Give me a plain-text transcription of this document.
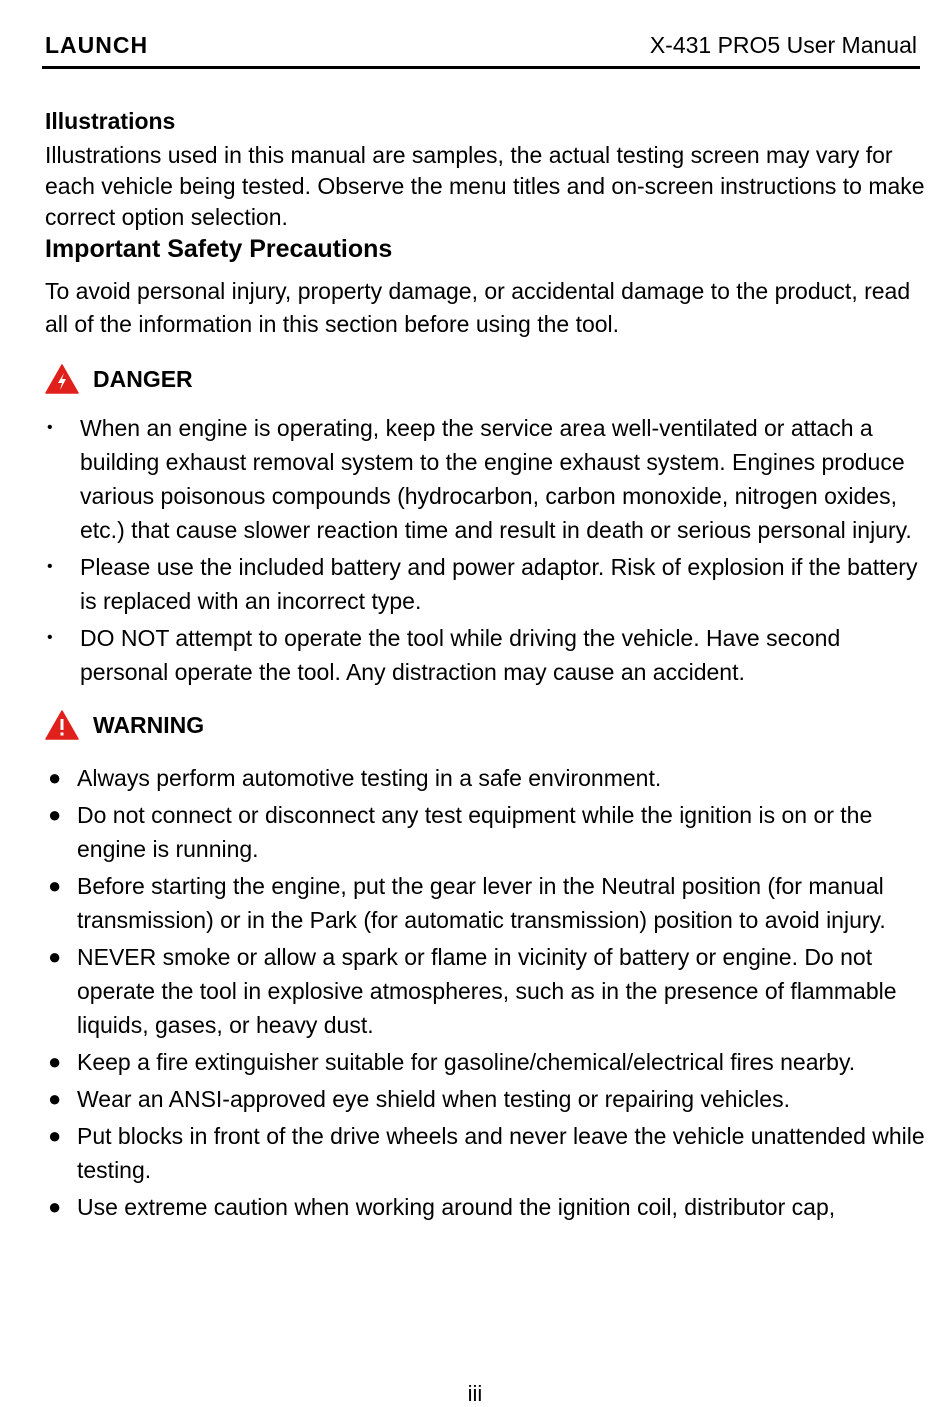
LAUNCH	X-431 PRO5 User Manual
Illustrations

Illustrations used in this manual are samples, the actual testing screen may vary for each vehicle being tested. Observe the menu titles and on-screen instructions to make correct option selection.

Important Safety Precautions

To avoid personal injury, property damage, or accidental damage to the product, read all of the information in this section before using the tool.

DANGER
• When an engine is operating, keep the service area well-ventilated or attach a building exhaust removal system to the engine exhaust system. Engines produce various poisonous compounds (hydrocarbon, carbon monoxide, nitrogen oxides, etc.) that cause slower reaction time and result in death or serious personal injury.
• Please use the included battery and power adaptor. Risk of explosion if the battery is replaced with an incorrect type.
• DO NOT attempt to operate the tool while driving the vehicle. Have second personal operate the tool. Any distraction may cause an accident.
WARNING
● Always perform automotive testing in a safe environment.
● Do not connect or disconnect any test equipment while the ignition is on or the engine is running.
● Before starting the engine, put the gear lever in the Neutral position (for manual transmission) or in the Park (for automatic transmission) position to avoid injury.
● NEVER smoke or allow a spark or flame in vicinity of battery or engine. Do not operate the tool in explosive atmospheres, such as in the presence of flammable liquids, gases, or heavy dust.
● Keep a fire extinguisher suitable for gasoline/chemical/electrical fires nearby.
● Wear an ANSI-approved eye shield when testing or repairing vehicles.
● Put blocks in front of the drive wheels and never leave the vehicle unattended while testing.
● Use extreme caution when working around the ignition coil, distributor cap,
iii
